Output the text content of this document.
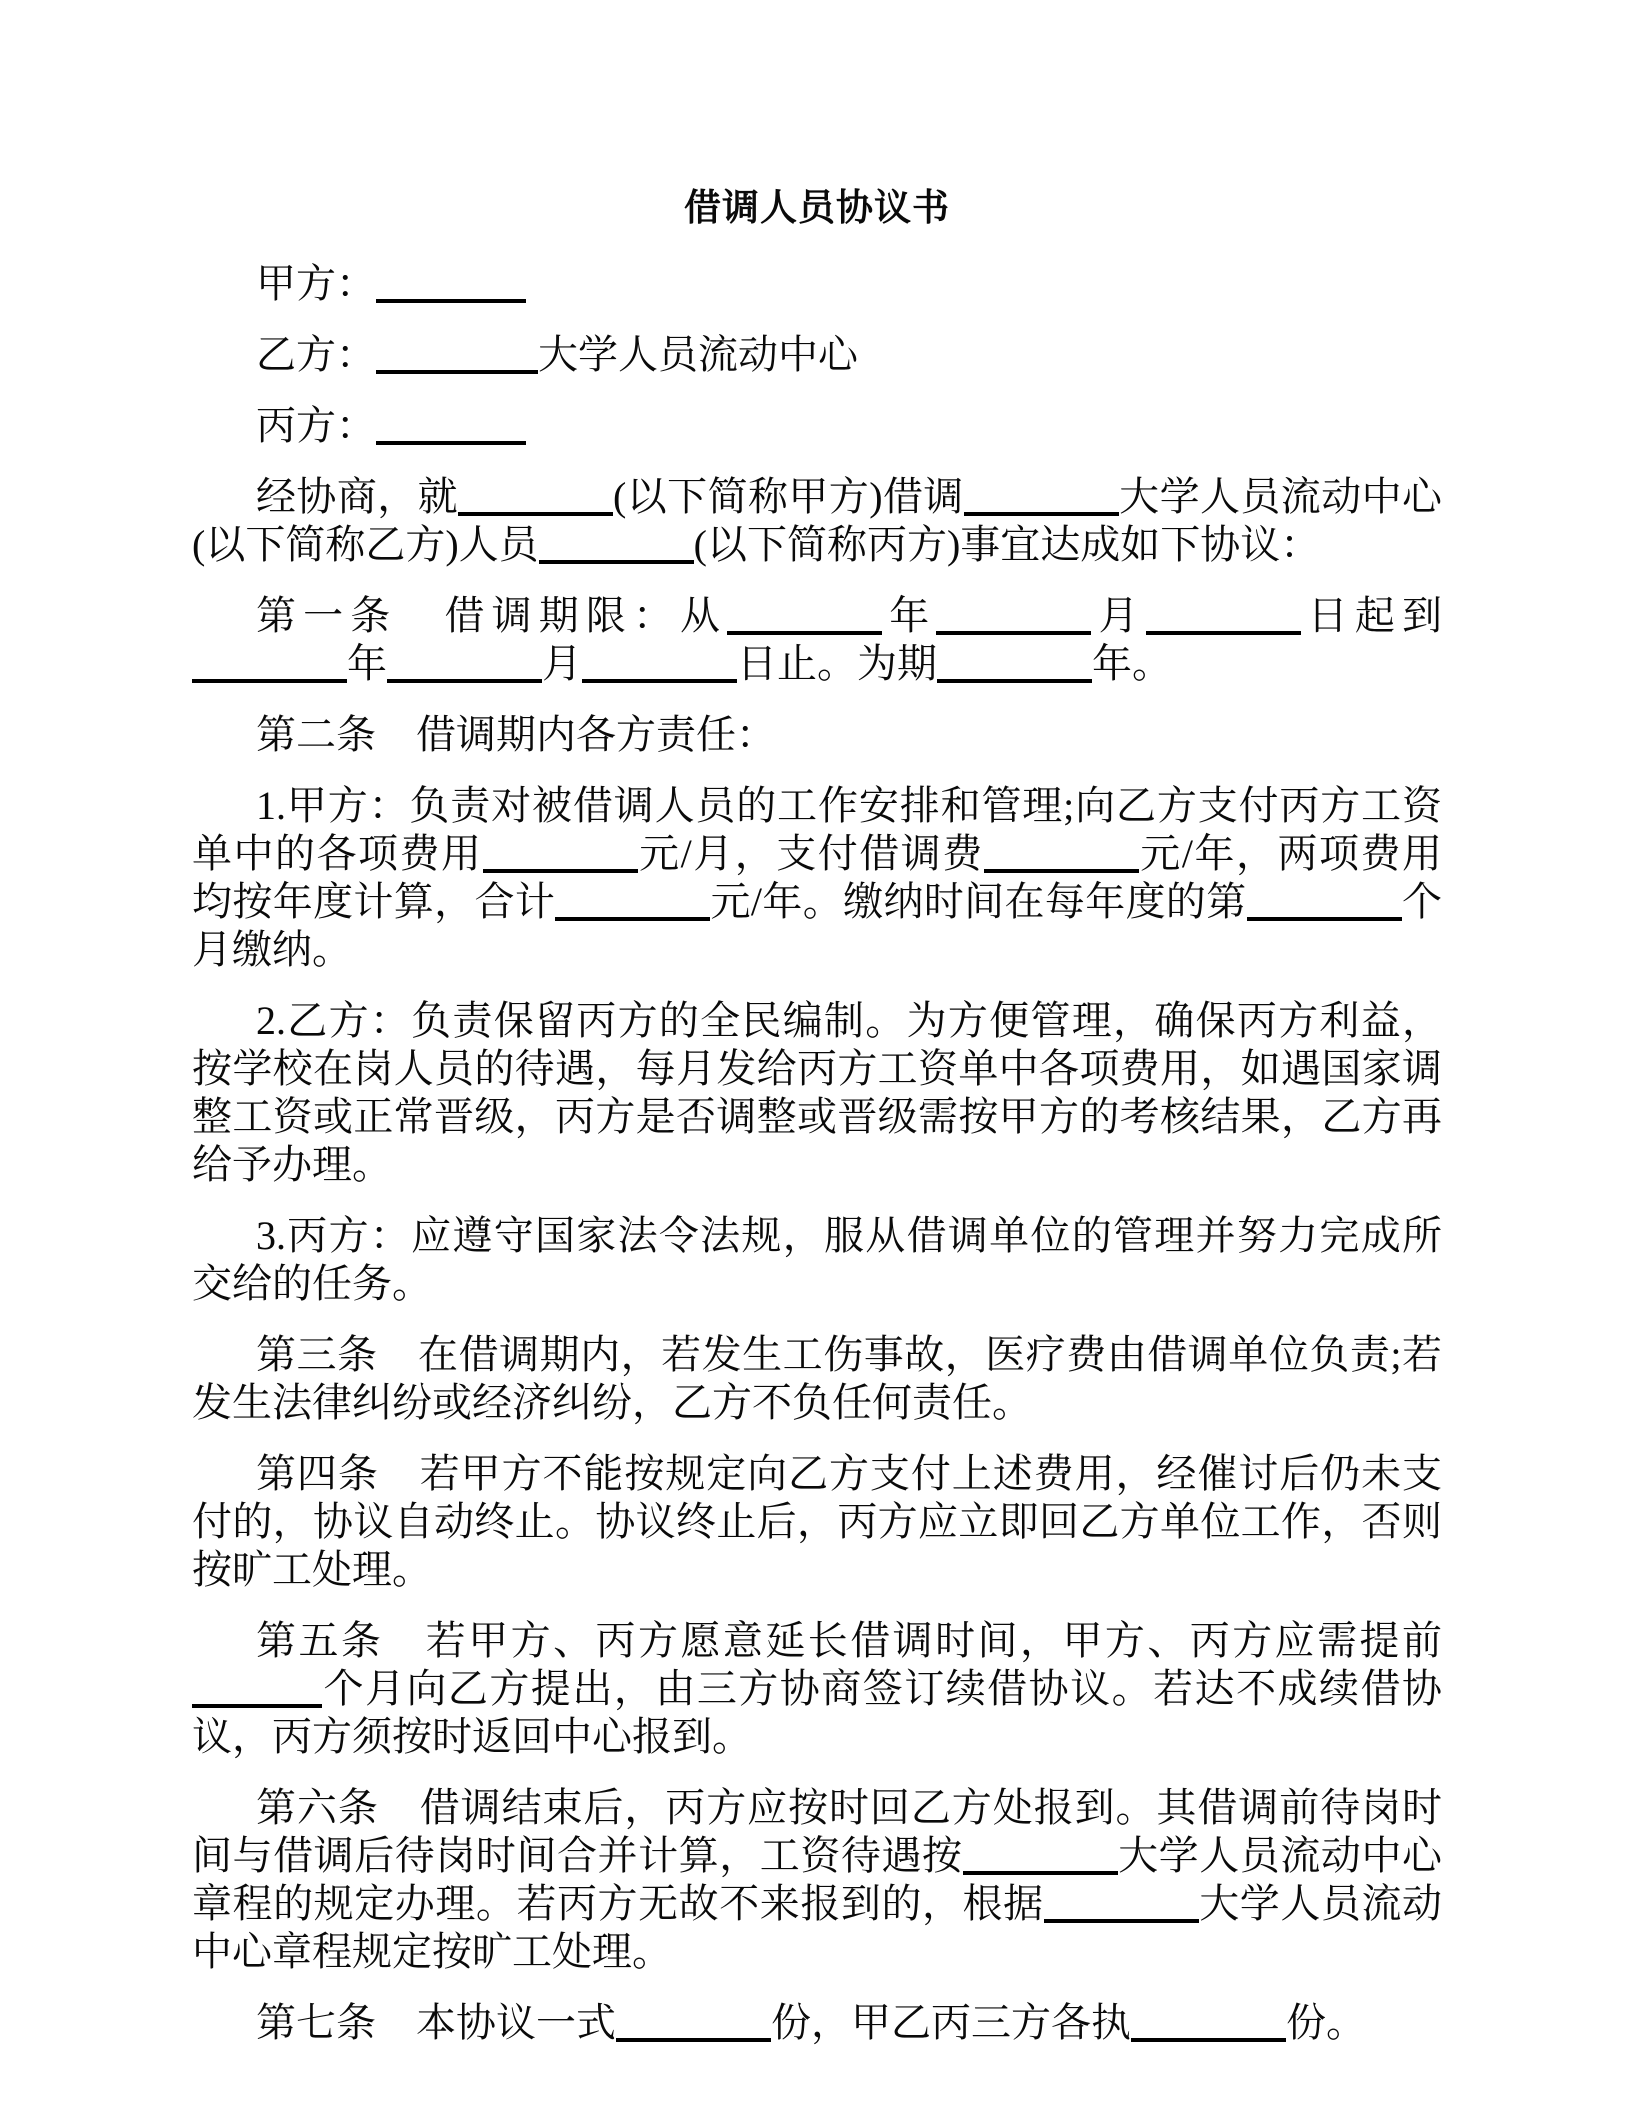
借调人员协议书

甲方：

乙方：	大学人员流动中心

丙方：

经协商，就	(以下简称甲方)借调	大学人员流动中心(以下简称乙方)人员	(以下简称丙方)事宜达成如下协议：

第一条　借调期限：从	年	月	日起到年	月	日止。为期	年。

第二条　借调期内各方责任：

1.甲方：负责对被借调人员的工作安排和管理;向乙方支付丙方工资单中的各项费用	元/月，支付借调费	元/年，两项费用均按年度计算，合计	元/年。缴纳时间在每年度的第	个月缴纳。

2.乙方：负责保留丙方的全民编制。为方便管理，确保丙方利益，按学校在岗人员的待遇，每月发给丙方工资单中各项费用，如遇国家调整工资或正常晋级，丙方是否调整或晋级需按甲方的考核结果，乙方再给予办理。

3.丙方：应遵守国家法令法规，服从借调单位的管理并努力完成所交给的任务。

第三条　在借调期内，若发生工伤事故，医疗费由借调单位负责;若发生法律纠纷或经济纠纷，乙方不负任何责任。

第四条　若甲方不能按规定向乙方支付上述费用，经催讨后仍未支付的，协议自动终止。协议终止后，丙方应立即回乙方单位工作，否则按旷工处理。

第五条　若甲方、丙方愿意延长借调时间，甲方、丙方应需提前个月向乙方提出，由三方协商签订续借协议。若达不成续借协议，丙方须按时返回中心报到。

第六条　借调结束后，丙方应按时回乙方处报到。其借调前待岗时间与借调后待岗时间合并计算，工资待遇按	大学人员流动中心章程的规定办理。若丙方无故不来报到的，根据	大学人员流动中心章程规定按旷工处理。

第七条　本协议一式	份，甲乙丙三方各执	份。
